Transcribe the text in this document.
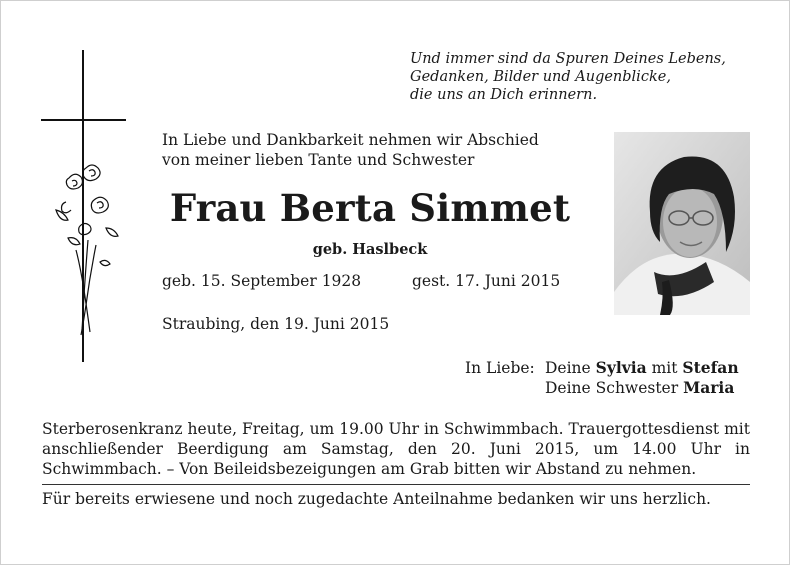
Und immer sind da Spuren Deines Lebens,
Gedanken, Bilder und Augenblicke,
die uns an Dich erinnern.
In Liebe und Dankbarkeit nehmen wir Abschied
von meiner lieben Tante und Schwester
Frau Berta Simmet
geb. Haslbeck
geb. 15. September 1928	gest. 17. Juni 2015
Straubing, den 19. Juni 2015
In Liebe: Deine Sylvia mit Stefan
Deine Schwester Maria
Sterberosenkranz heute, Freitag, um 19.00 Uhr in Schwimmbach. Trauergottesdienst mit anschließender Beerdigung am Samstag, den 20. Juni 2015, um 14.00 Uhr in Schwimmbach. – Von Beileidsbezeigungen am Grab bitten wir Abstand zu nehmen.
Für bereits erwiesene und noch zugedachte Anteilnahme bedanken wir uns herzlich.
